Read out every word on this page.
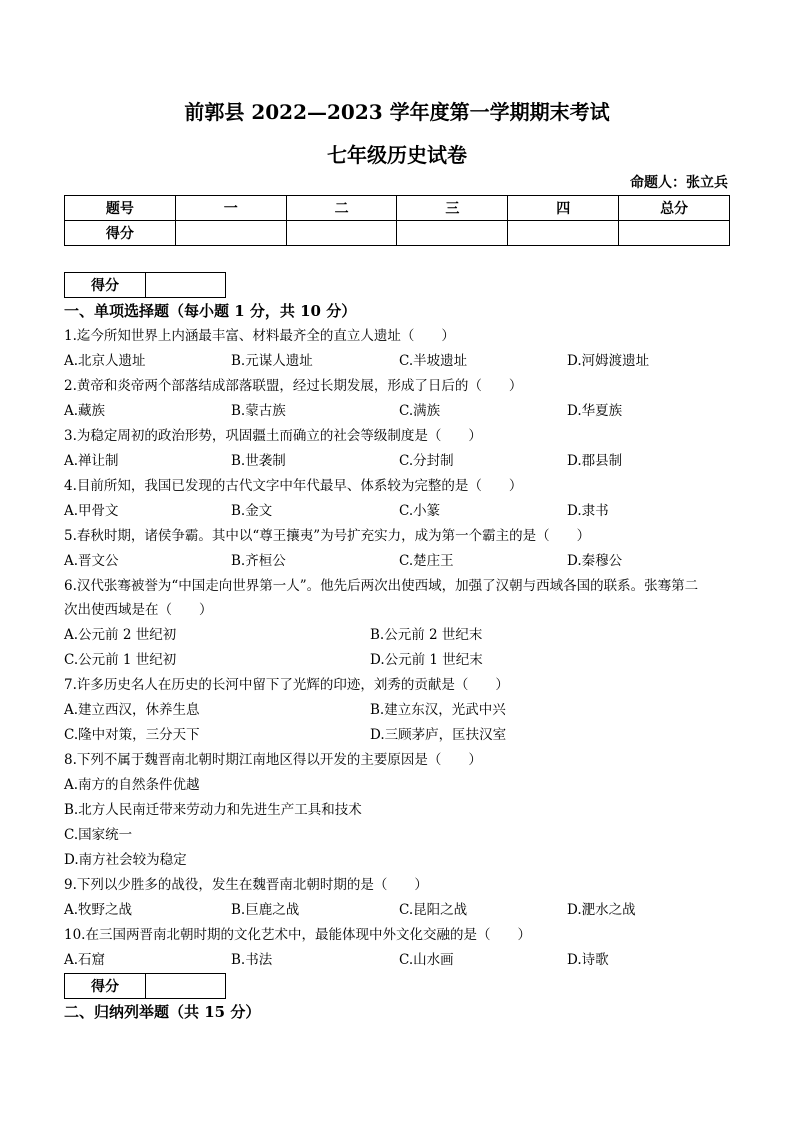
前郭县 2022—2023 学年度第一学期期末考试
七年级历史试卷
命题人：张立兵
题号	一	二	三	四	总分
得分					
得分
一、单项选择题（每小题 1 分，共 10 分）
1.迄今所知世界上内涵最丰富、材料最齐全的直立人遗址（　　）
A.北京人遗址	B.元谋人遗址	C.半坡遗址	D.河姆渡遗址
2.黄帝和炎帝两个部落结成部落联盟，经过长期发展，形成了日后的（　　）
A.藏族	B.蒙古族	C.满族	D.华夏族
3.为稳定周初的政治形势，巩固疆土而确立的社会等级制度是（　　）
A.禅让制	B.世袭制	C.分封制	D.郡县制
4.目前所知，我国已发现的古代文字中年代最早、体系较为完整的是（　　）
A.甲骨文	B.金文	C.小篆	D.隶书
5.春秋时期，诸侯争霸。其中以“尊王攘夷”为号扩充实力，成为第一个霸主的是（　　）
A.晋文公	B.齐桓公	C.楚庄王	D.秦穆公
6.汉代张骞被誉为“中国走向世界第一人”。他先后两次出使西域，加强了汉朝与西域各国的联系。张骞第二
次出使西域是在（　　）
A.公元前 2 世纪初	B.公元前 2 世纪末
C.公元前 1 世纪初	D.公元前 1 世纪末
7.许多历史名人在历史的长河中留下了光辉的印迹，刘秀的贡献是（　　）
A.建立西汉，休养生息	B.建立东汉，光武中兴
C.隆中对策，三分天下	D.三顾茅庐，匡扶汉室
8.下列不属于魏晋南北朝时期江南地区得以开发的主要原因是（　　）
A.南方的自然条件优越
B.北方人民南迁带来劳动力和先进生产工具和技术
C.国家统一
D.南方社会较为稳定
9.下列以少胜多的战役，发生在魏晋南北朝时期的是（　　）
A.牧野之战	B.巨鹿之战	C.昆阳之战	D.淝水之战
10.在三国两晋南北朝时期的文化艺术中，最能体现中外文化交融的是（　　）
A.石窟	B.书法	C.山水画	D.诗歌
得分
二、归纳列举题（共 15 分）
